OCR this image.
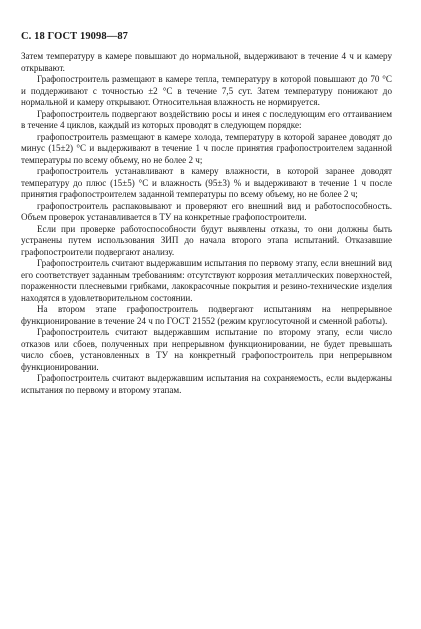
С. 18 ГОСТ 19098—87

Затем температуру в камере повышают до нормальной, выдерживают в течение 4 ч и камеру открывают.

Графопостроитель размещают в камере тепла, температуру в которой повышают до 70 °С и поддерживают с точностью ±2 °С в течение 7,5 сут. Затем температуру понижают до нормальной и камеру открывают. Относительная влажность не нормируется.

Графопостроитель подвергают воздействию росы и инея с последующим его оттаиванием в течение 4 циклов, каждый из которых проводят в следующем порядке:

графопостроитель размещают в камере холода, температуру в которой заранее доводят до минус (15±2) °С и выдерживают в течение 1 ч после принятия графопостроителем заданной температуры по всему объему, но не более 2 ч;

графопостроитель устанавливают в камеру влажности, в которой заранее доводят температуру до плюс (15±5) °С и влажность (95±3) % и выдерживают в течение 1 ч после принятия графопостроителем заданной температуры по всему объему, но не более 2 ч;

графопостроитель распаковывают и проверяют его внешний вид и работоспособность. Объем проверок устанавливается в ТУ на конкретные графопостроители.

Если при проверке работоспособности будут выявлены отказы, то они должны быть устранены путем использования ЗИП до начала второго этапа испытаний. Отказавшие графопостроители подвергают анализу.

Графопостроитель считают выдержавшим испытания по первому этапу, если внешний вид его соответствует заданным требованиям: отсутствуют коррозия металлических поверхностей, пораженности плесневыми грибками, лакокрасочные покрытия и резино-технические изделия находятся в удовлетворительном состоянии.

На втором этапе графопостроитель подвергают испытаниям на непрерывное функционирование в течение 24 ч по ГОСТ 21552 (режим круглосуточной и сменной работы).

Графопостроитель считают выдержавшим испытание по второму этапу, если число отказов или сбоев, полученных при непрерывном функционировании, не будет превышать число сбоев, установленных в ТУ на конкретный графопостроитель при непрерывном функционировании.

Графопостроитель считают выдержавшим испытания на сохраняемость, если выдержаны испытания по первому и второму этапам.
